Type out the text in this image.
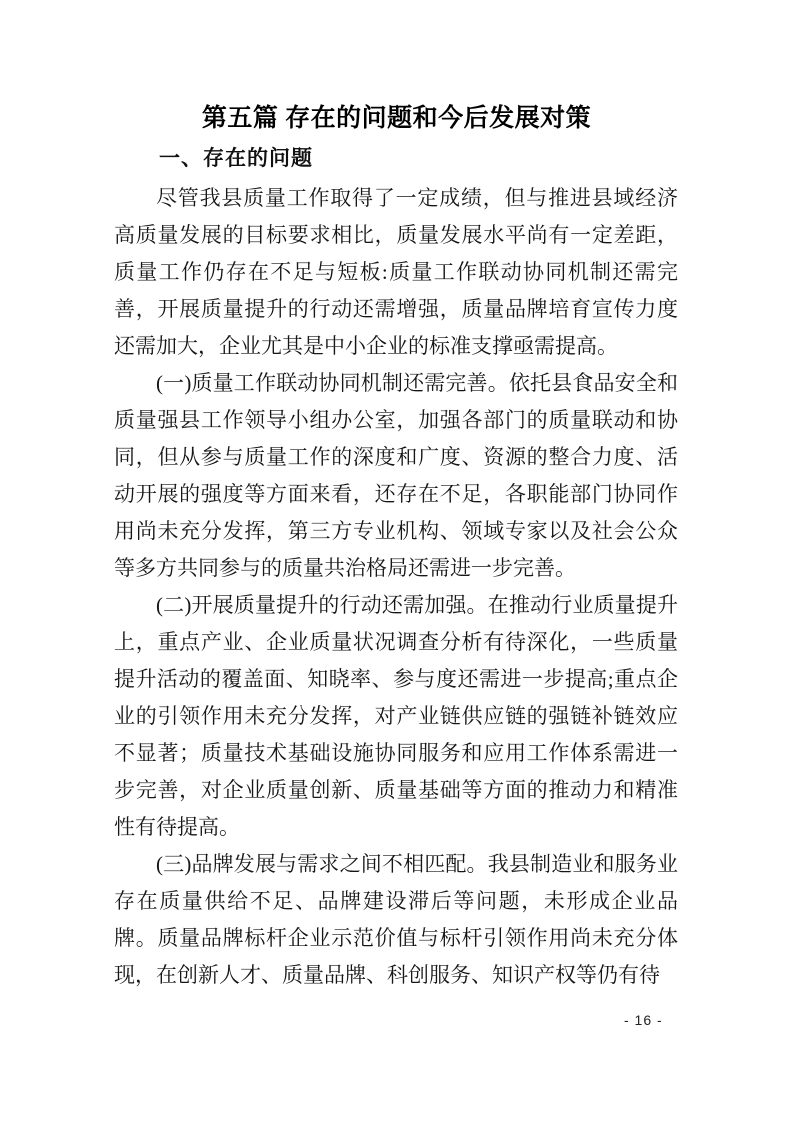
第五篇 存在的问题和今后发展对策
一、存在的问题

尽管我县质量工作取得了一定成绩，但与推进县域经济高质量发展的目标要求相比，质量发展水平尚有一定差距，质量工作仍存在不足与短板:质量工作联动协同机制还需完善，开展质量提升的行动还需增强，质量品牌培育宣传力度还需加大，企业尤其是中小企业的标准支撑亟需提高。

(一)质量工作联动协同机制还需完善。依托县食品安全和质量强县工作领导小组办公室，加强各部门的质量联动和协同，但从参与质量工作的深度和广度、资源的整合力度、活动开展的强度等方面来看，还存在不足，各职能部门协同作用尚未充分发挥，第三方专业机构、领域专家以及社会公众等多方共同参与的质量共治格局还需进一步完善。

(二)开展质量提升的行动还需加强。在推动行业质量提升上，重点产业、企业质量状况调查分析有待深化，一些质量提升活动的覆盖面、知晓率、参与度还需进一步提高;重点企业的引领作用未充分发挥，对产业链供应链的强链补链效应不显著；质量技术基础设施协同服务和应用工作体系需进一步完善，对企业质量创新、质量基础等方面的推动力和精准性有待提高。

(三)品牌发展与需求之间不相匹配。我县制造业和服务业存在质量供给不足、品牌建设滞后等问题，未形成企业品牌。质量品牌标杆企业示范价值与标杆引领作用尚未充分体现，在创新人才、质量品牌、科创服务、知识产权等仍有待

- 16 -
